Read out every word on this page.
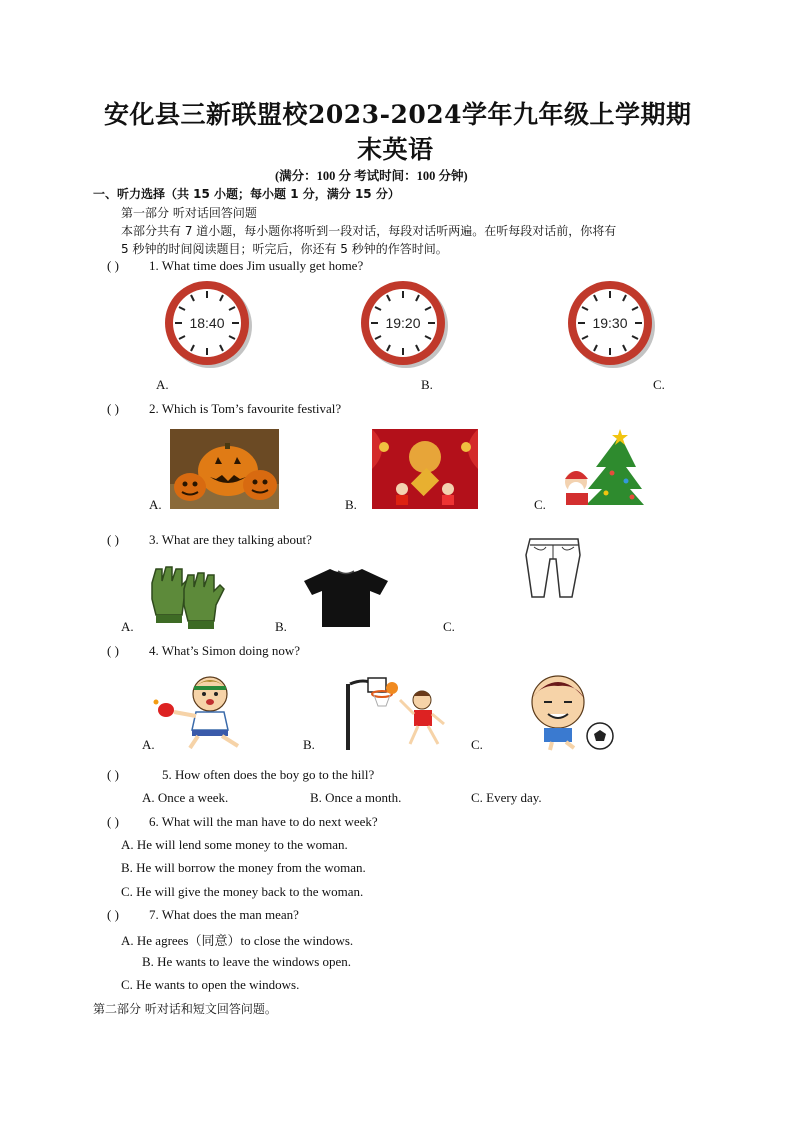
安化县三新联盟校2023-2024学年九年级上学期期
末英语
(满分：100 分 考试时间：100 分钟)
一、听力选择（共 15 小题；每小题 1 分，满分 15 分）
第一部分 听对话回答问题
本部分共有 7 道小题，每小题你将听到一段对话，每段对话听两遍。在听每段对话前，你将有
5 秒钟的时间阅读题目；听完后，你还有 5 秒钟的作答时间。
( ) 1. What time does Jim usually get home?
18:40	19:20	19:30
A.	B.	C.
( ) 2. Which is Tom’s favourite festival?
A.	B.	C.
( ) 3. What are they talking about?
A.	B.	C.
( ) 4. What’s Simon doing now?
A.	B.	C.
( )	5. How often does the boy go to the hill?
A. Once a week.	B. Once a month.	C. Every day.
( ) 6. What will the man have to do next week?
A. He will lend some money to the woman.
B. He will borrow the money from the woman.
C. He will give the money back to the woman.
( ) 7. What does the man mean?
A. He agrees（同意）to close the windows.
B. He wants to leave the windows open.
C. He wants to open the windows.
第二部分 听对话和短文回答问题。
